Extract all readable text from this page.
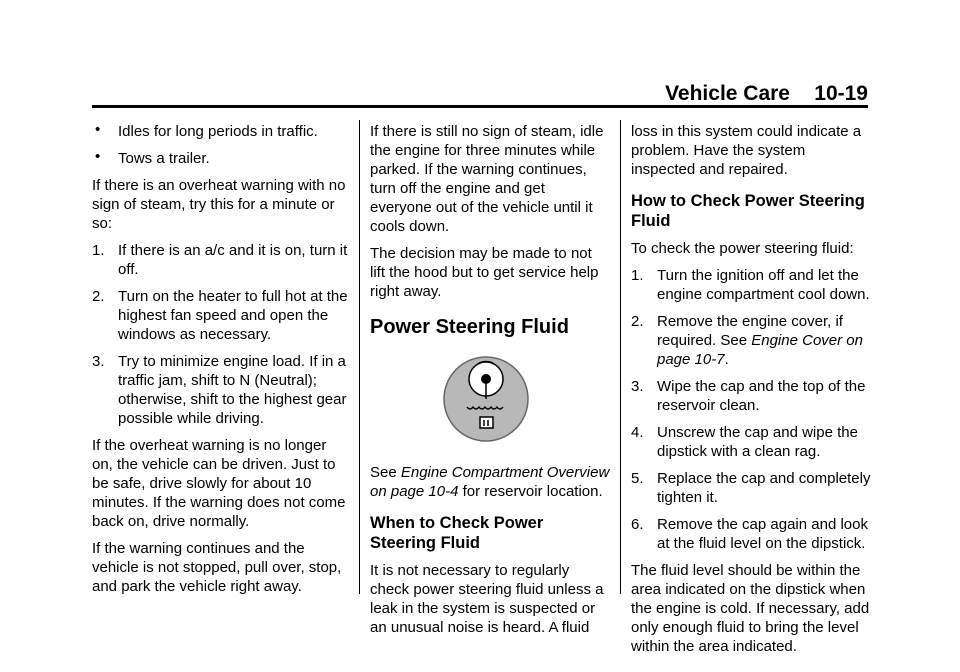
Vehicle Care 10-19
• Idles for long periods in traffic.
• Tows a trailer.

If there is an overheat warning with no sign of steam, try this for a minute or so:

1. If there is an a/c and it is on, turn it off.
2. Turn on the heater to full hot at the highest fan speed and open the windows as necessary.
3. Try to minimize engine load. If in a traffic jam, shift to N (Neutral); otherwise, shift to the highest gear possible while driving.

If the overheat warning is no longer on, the vehicle can be driven. Just to be safe, drive slowly for about 10 minutes. If the warning does not come back on, drive normally.

If the warning continues and the vehicle is not stopped, pull over, stop, and park the vehicle right away.

If there is still no sign of steam, idle the engine for three minutes while parked. If the warning continues, turn off the engine and get everyone out of the vehicle until it cools down.

The decision may be made to not lift the hood but to get service help right away.

Power Steering Fluid

See Engine Compartment Overview on page 10-4 for reservoir location.

When to Check Power Steering Fluid

It is not necessary to regularly check power steering fluid unless a leak in the system is suspected or an unusual noise is heard. A fluid

loss in this system could indicate a problem. Have the system inspected and repaired.

How to Check Power Steering Fluid

To check the power steering fluid:

1. Turn the ignition off and let the engine compartment cool down.
2. Remove the engine cover, if required. See Engine Cover on page 10-7.
3. Wipe the cap and the top of the reservoir clean.
4. Unscrew the cap and wipe the dipstick with a clean rag.
5. Replace the cap and completely tighten it.
6. Remove the cap again and look at the fluid level on the dipstick.

The fluid level should be within the area indicated on the dipstick when the engine is cold. If necessary, add only enough fluid to bring the level within the area indicated.
